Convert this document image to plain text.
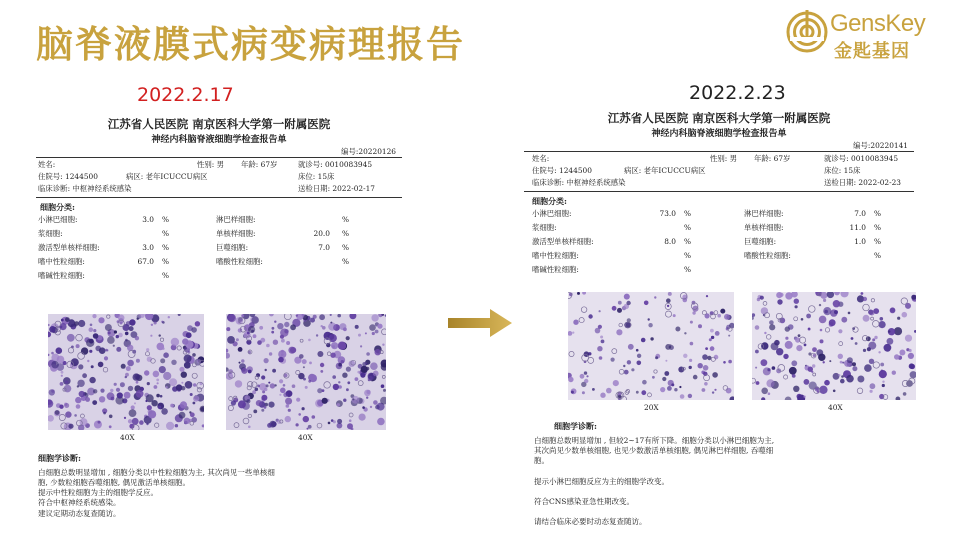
脑脊液膜式病变病理报告	GensKey
金匙基因
2022.2.17	2022.2.23
江苏省人民医院 南京医科大学第一附属医院
神经内科脑脊液细胞学检查报告单
编号:20220126
姓名:	性别: 男 年龄: 67岁	就诊号: 0010083945
住院号: 1244500	病区: 老年ICUCCU病区	床位: 15床
临床诊断: 中枢神经系统感染	送检日期: 2022-02-17
细胞分类:
小淋巴细胞:	3.0 %	淋巴样细胞:	%
浆细胞:	%	单核样细胞:	20.0 %
激活型单核样细胞:	3.0 %	巨噬细胞:	7.0 %
嗜中性粒细胞:	67.0 %	嗜酸性粒细胞:	%
嗜碱性粒细胞:	%
40X	40X
细胞学诊断:

白细胞总数明显增加 , 细胞分类以中性粒细胞为主, 其次尚见一些单核细

胞, 少数粒细胞吞噬细胞, 偶见激活单核细胞。

提示中性粒细胞为主的细胞学反应。

符合中枢神经系统感染。

建议定期动态复查随访。

江苏省人民医院 南京医科大学第一附属医院
神经内科脑脊液细胞学检查报告单
编号:20220141
姓名:	性别: 男 年龄: 67岁	就诊号: 0010083945
住院号: 1244500	病区: 老年ICUCCU病区	床位: 15床
临床诊断: 中枢神经系统感染	送检日期: 2022-02-23
细胞分类:
小淋巴细胞:	73.0 %	淋巴样细胞:	7.0 %
浆细胞:	%	单核样细胞:	11.0 %
激活型单核样细胞:	8.0 %	巨噬细胞:	1.0 %
嗜中性粒细胞:	%	嗜酸性粒细胞:	%
嗜碱性粒细胞:	%
20X	40X
细胞学诊断:

白细胞总数明显增加 , 但较2~17有所下降。细胞分类以小淋巴细胞为主,

其次尚见少数单核细胞, 也见少数激活单核细胞, 偶见淋巴样细胞, 吞噬细

胞。

提示小淋巴细胞反应为主的细胞学改变。

符合CNS感染亚急性期改变。

请结合临床必要时动态复查随访。
